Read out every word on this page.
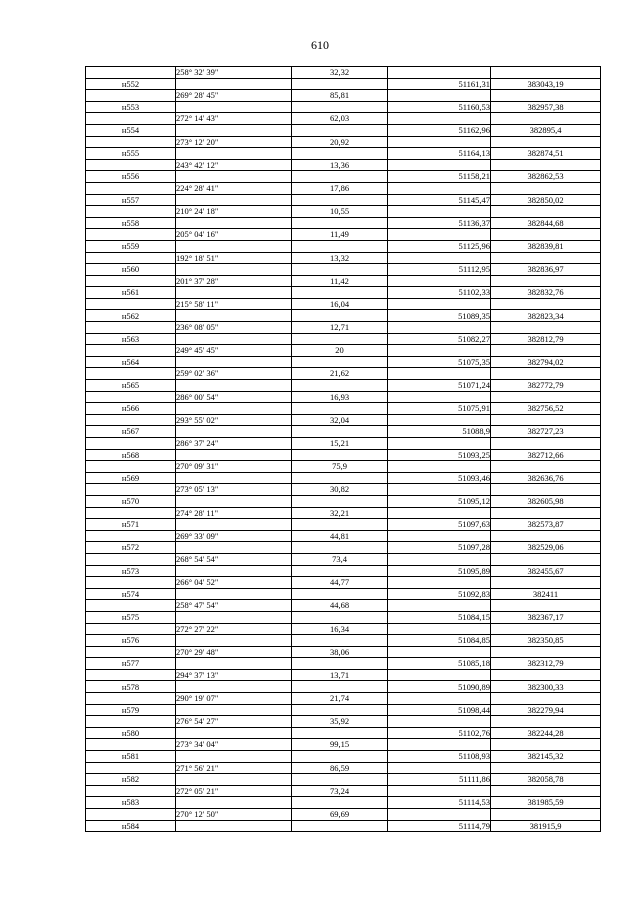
610
	258° 32' 39"	32,32		
н552			51161,31	383043,19
	269° 28' 45"	85,81		
н553			51160,53	382957,38
	272° 14' 43"	62,03		
н554			51162,96	382895,4
	273° 12' 20"	20,92		
н555			51164,13	382874,51
	243° 42' 12"	13,36		
н556			51158,21	382862,53
	224° 28' 41"	17,86		
н557			51145,47	382850,02
	210° 24' 18"	10,55		
н558			51136,37	382844,68
	205° 04' 16"	11,49		
н559			51125,96	382839,81
	192° 18' 51"	13,32		
н560			51112,95	382836,97
	201° 37' 28"	11,42		
н561			51102,33	382832,76
	215° 58' 11"	16,04		
н562			51089,35	382823,34
	236° 08' 05"	12,71		
н563			51082,27	382812,79
	249° 45' 45"	20		
н564			51075,35	382794,02
	259° 02' 36"	21,62		
н565			51071,24	382772,79
	286° 00' 54"	16,93		
н566			51075,91	382756,52
	293° 55' 02"	32,04		
н567			51088,9	382727,23
	286° 37' 24"	15,21		
н568			51093,25	382712,66
	270° 09' 31"	75,9		
н569			51093,46	382636,76
	273° 05' 13"	30,82		
н570			51095,12	382605,98
	274° 28' 11"	32,21		
н571			51097,63	382573,87
	269° 33' 09"	44,81		
н572			51097,28	382529,06
	268° 54' 54"	73,4		
н573			51095,89	382455,67
	266° 04' 52"	44,77		
н574			51092,83	382411
	258° 47' 54"	44,68		
н575			51084,15	382367,17
	272° 27' 22"	16,34		
н576			51084,85	382350,85
	270° 29' 48"	38,06		
н577			51085,18	382312,79
	294° 37' 13"	13,71		
н578			51090,89	382300,33
	290° 19' 07"	21,74		
н579			51098,44	382279,94
	276° 54' 27"	35,92		
н580			51102,76	382244,28
	273° 34' 04"	99,15		
н581			51108,93	382145,32
	271° 56' 21"	86,59		
н582			51111,86	382058,78
	272° 05' 21"	73,24		
н583			51114,53	381985,59
	270° 12' 50"	69,69		
н584			51114,79	381915,9
